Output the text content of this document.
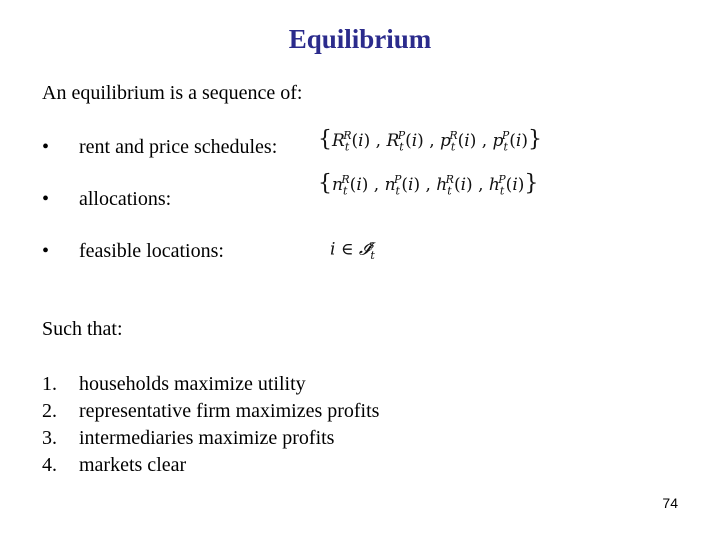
Equilibrium
An equilibrium is a sequence of:
•	rent and price schedules: {$R_t^R(i)$ , $R_t^P(i)$ , $p_t^R(i)$ , $p_t^P(i)$}
•	allocations:
{$n_t^R(i)$ , $n_t^P(i)$ , $h_t^R(i)$ , $h_t^P(i)$}
•	feasible locations:	i ∈ 𝓘$_t^s$
Such that:
1.	households maximize utility
2.	representative firm maximizes profits
3.	intermediaries maximize profits
4.	markets clear
74
